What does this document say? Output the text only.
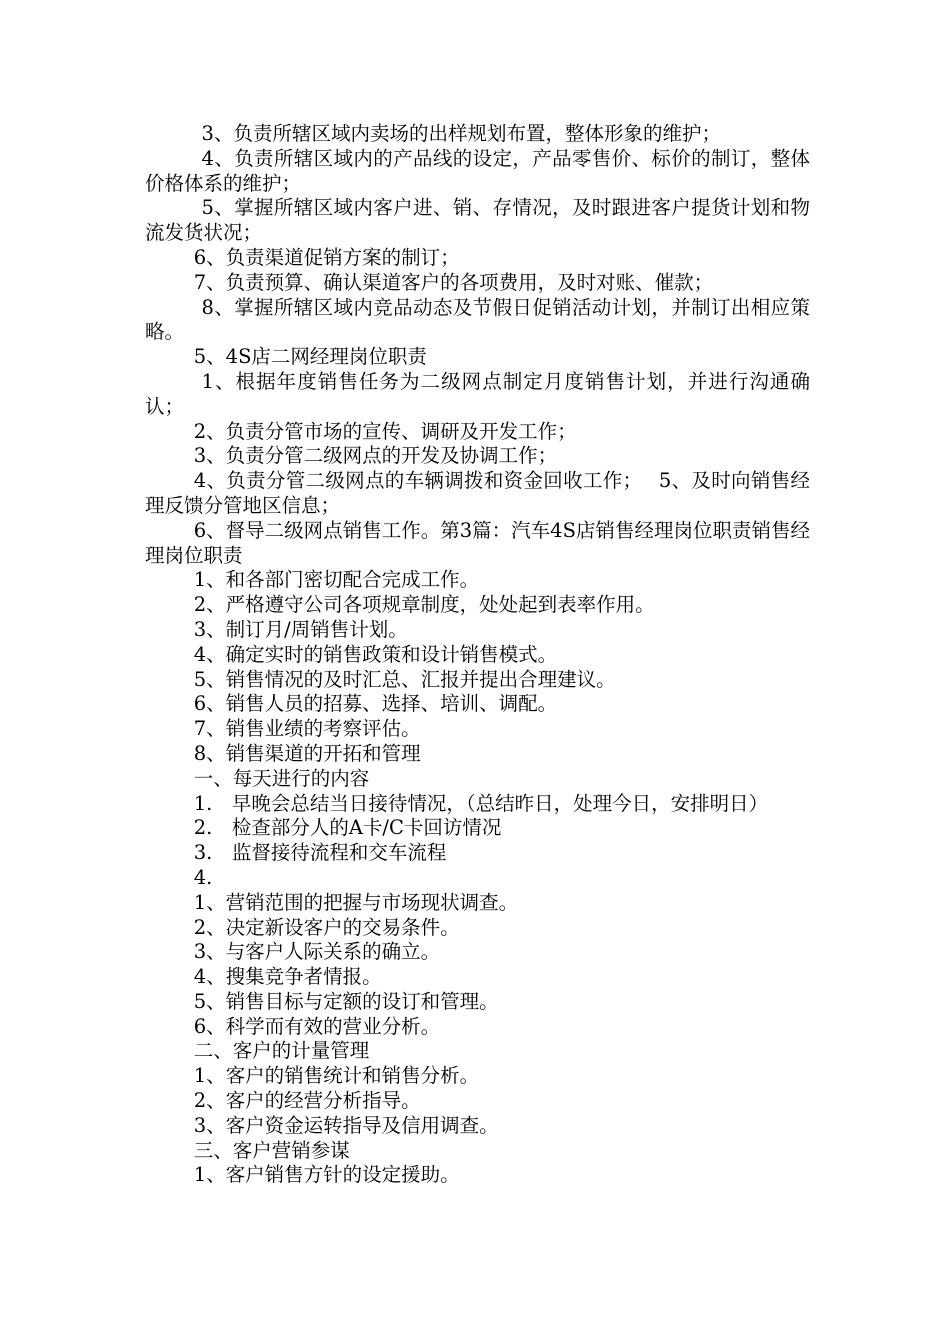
3、负责所辖区域内卖场的出样规划布置，整体形象的维护；

4、负责所辖区域内的产品线的设定，产品零售价、标价的制订，整体价格体系的维护；

5、掌握所辖区域内客户进、销、存情况，及时跟进客户提货计划和物流发货状况；

6、负责渠道促销方案的制订；

7、负责预算、确认渠道客户的各项费用，及时对账、催款；

8、掌握所辖区域内竞品动态及节假日促销活动计划，并制订出相应策略。

5、4S店二网经理岗位职责

1、根据年度销售任务为二级网点制定月度销售计划，并进行沟通确认；

2、负责分管市场的宣传、调研及开发工作；

3、负责分管二级网点的开发及协调工作；

4、负责分管二级网点的车辆调拨和资金回收工作；　 5、及时向销售经理反馈分管地区信息；

6、督导二级网点销售工作。第3篇：汽车4S店销售经理岗位职责销售经理岗位职责

1、和各部门密切配合完成工作。

2、严格遵守公司各项规章制度，处处起到表率作用。

3、制订月/周销售计划。

4、确定实时的销售政策和设计销售模式。

5、销售情况的及时汇总、汇报并提出合理建议。

6、销售人员的招募、选择、培训、调配。

7、销售业绩的考察评估。

8、销售渠道的开拓和管理

一、每天进行的内容

1.　早晚会总结当日接待情况，（总结昨日，处理今日，安排明日）

2.　检查部分人的A卡/C卡回访情况

3.　监督接待流程和交车流程

4.

1、营销范围的把握与市场现状调查。

2、决定新设客户的交易条件。

3、与客户人际关系的确立。

4、搜集竞争者情报。

5、销售目标与定额的设订和管理。

6、科学而有效的营业分析。

二、客户的计量管理

1、客户的销售统计和销售分析。

2、客户的经营分析指导。

3、客户资金运转指导及信用调查。

三、客户营销参谋

1、客户销售方针的设定援助。
